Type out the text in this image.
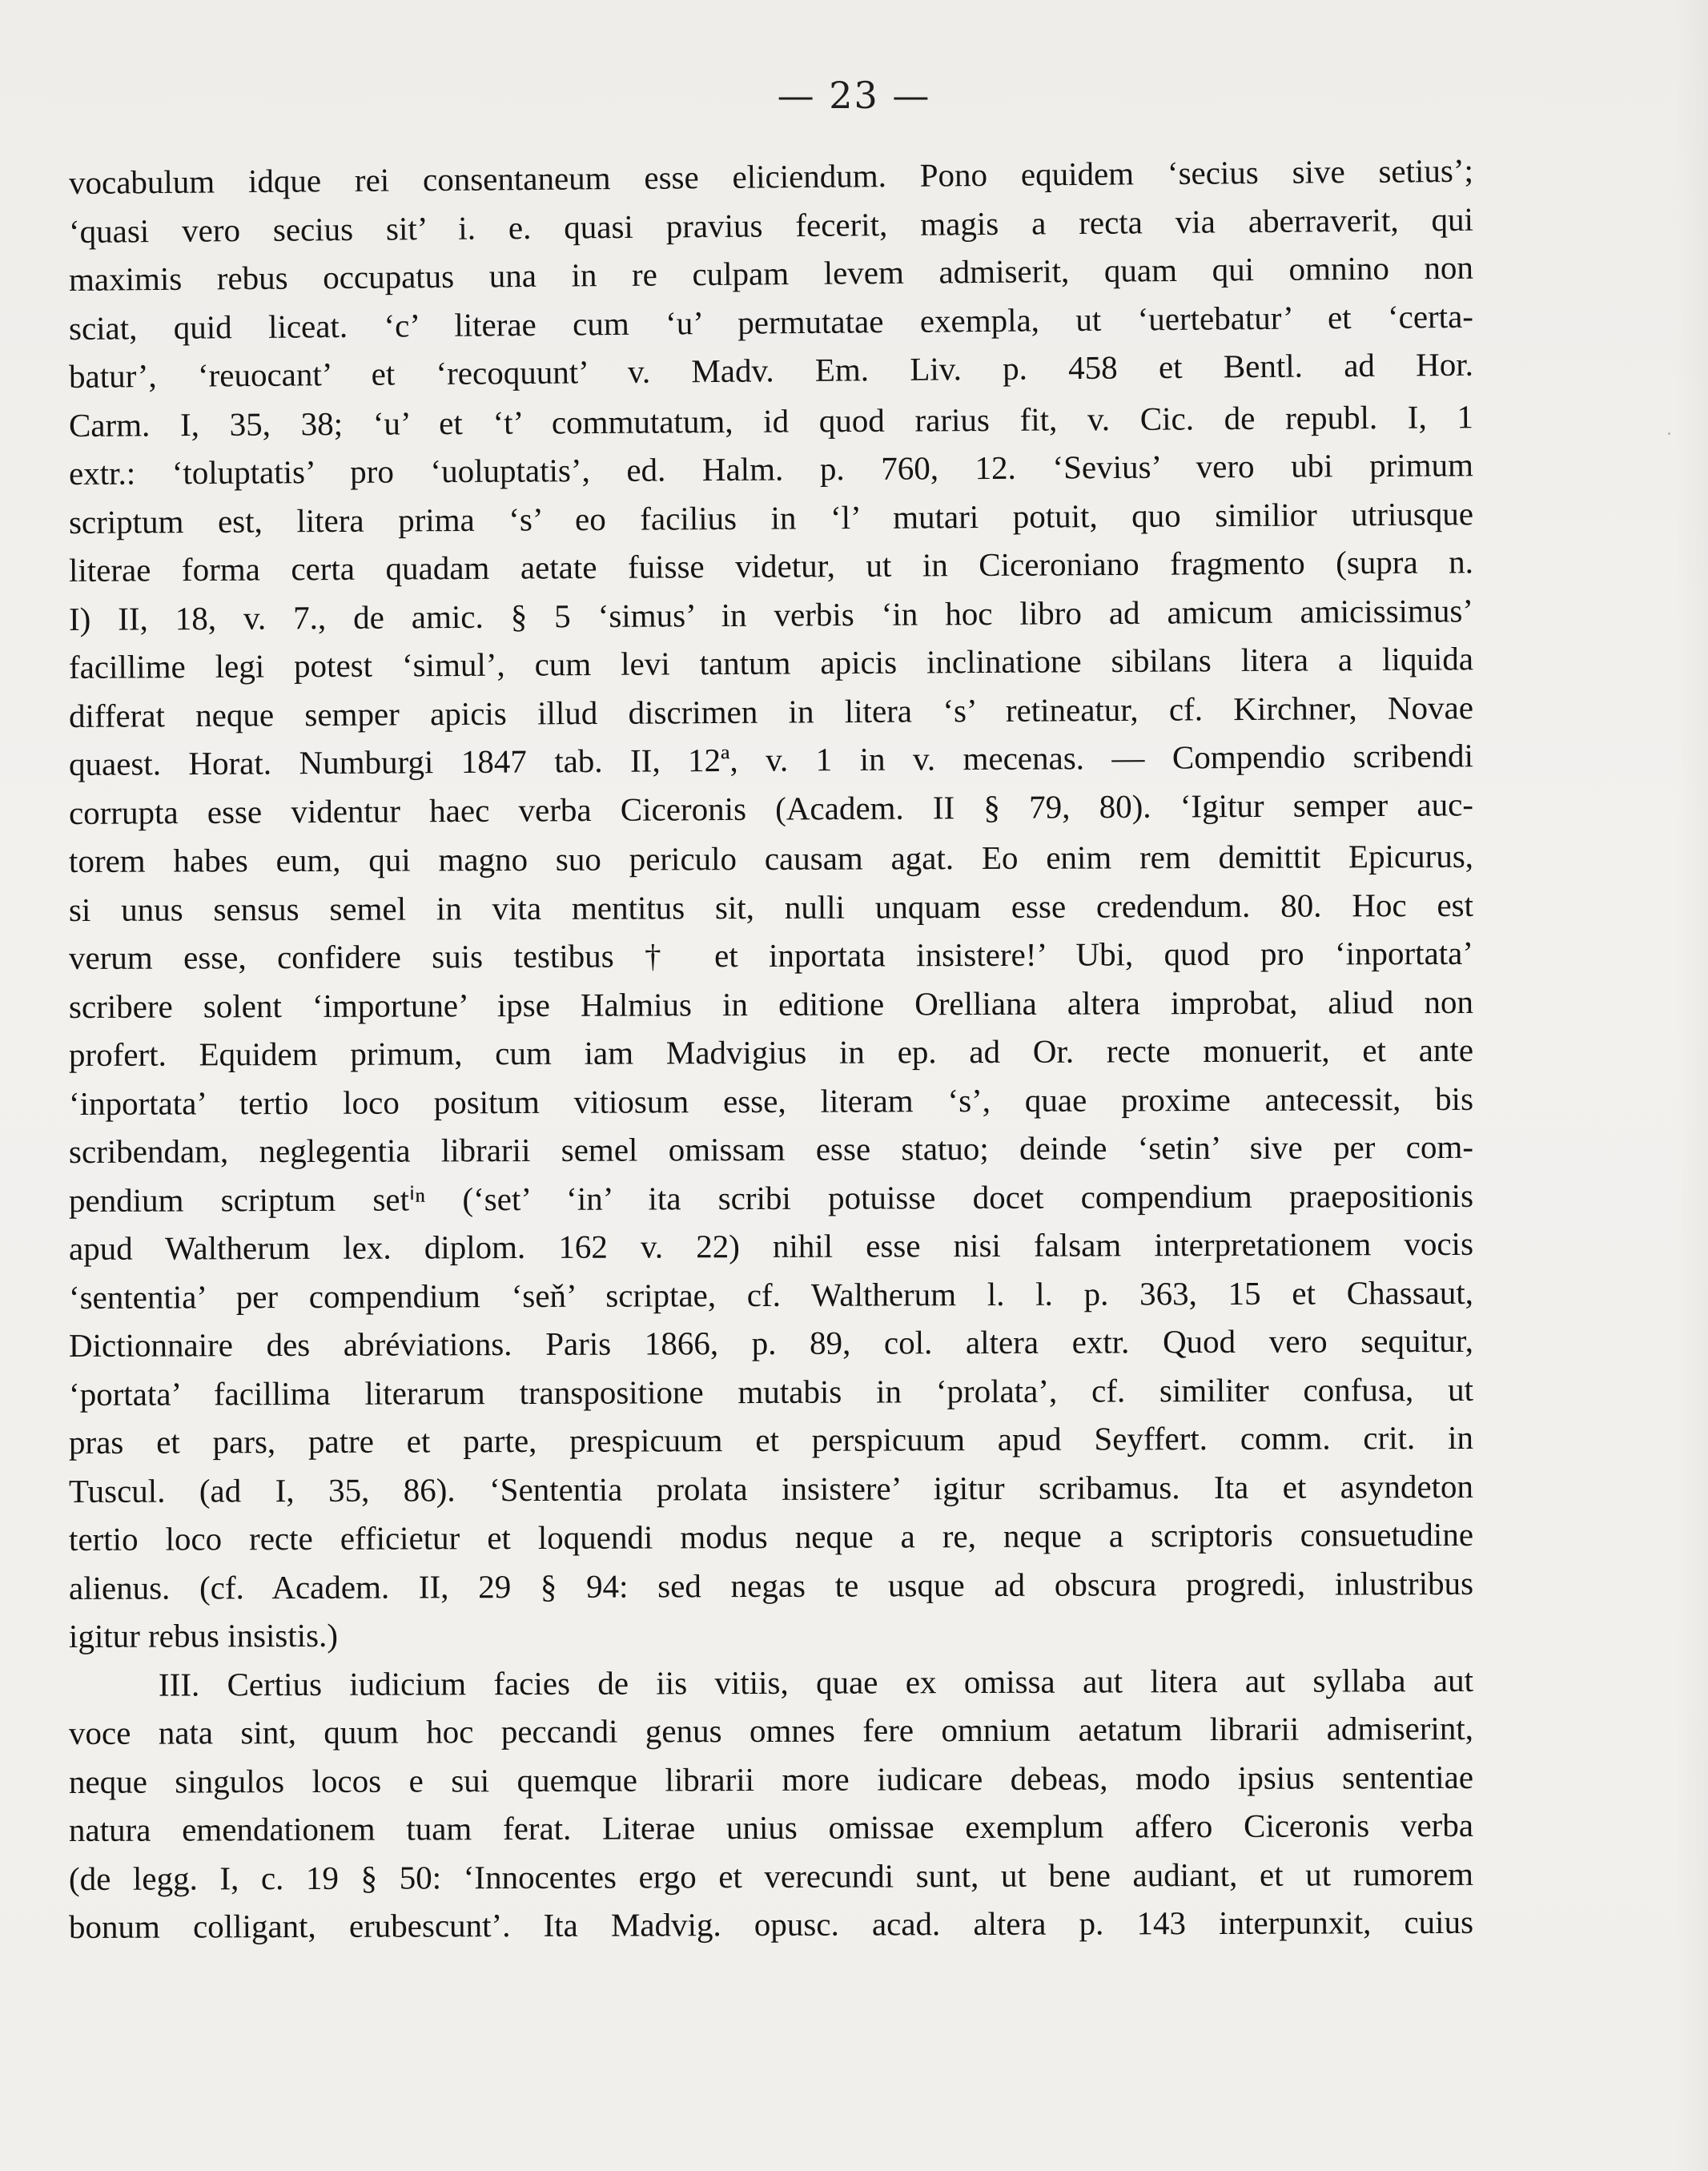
— 23 —
vocabulum idque rei consentaneum esse eliciendum. Pono equidem ‘secius sive setius’;
‘quasi vero secius sit’ i. e. quasi pravius fecerit, magis a recta via aberraverit, qui
maximis rebus occupatus una in re culpam levem admiserit, quam qui omnino non
sciat, quid liceat. ‘c’ literae cum ‘u’ permutatae exempla, ut ‘uertebatur’ et ‘certa-
batur’, ‘reuocant’ et ‘recoquunt’ v. Madv. Em. Liv. p. 458 et Bentl. ad Hor.
Carm. I, 35, 38; ‘u’ et ‘t’ commutatum, id quod rarius fit, v. Cic. de republ. I, 1
extr.: ‘toluptatis’ pro ‘uoluptatis’, ed. Halm. p. 760, 12. ‘Sevius’ vero ubi primum
scriptum est, litera prima ‘s’ eo facilius in ‘l’ mutari potuit, quo similior utriusque
literae forma certa quadam aetate fuisse videtur, ut in Ciceroniano fragmento (supra n.
I) II, 18, v. 7., de amic. § 5 ‘simus’ in verbis ‘in hoc libro ad amicum amicissimus’
facillime legi potest ‘simul’, cum levi tantum apicis inclinatione sibilans litera a liquida
differat neque semper apicis illud discrimen in litera ‘s’ retineatur, cf. Kirchner, Novae
quaest. Horat. Numburgi 1847 tab. II, 12ª, v. 1 in v. mecenas. — Compendio scribendi
corrupta esse videntur haec verba Ciceronis (Academ. II § 79, 80). ‘Igitur semper auc-
torem habes eum, qui magno suo periculo causam agat. Eo enim rem demittit Epicurus,
si unus sensus semel in vita mentitus sit, nulli unquam esse credendum. 80. Hoc est
verum esse, confidere suis testibus † et inportata insistere!’ Ubi, quod pro ‘inportata’
scribere solent ‘importune’ ipse Halmius in editione Orelliana altera improbat, aliud non
profert. Equidem primum, cum iam Madvigius in ep. ad Or. recte monuerit, et ante
‘inportata’ tertio loco positum vitiosum esse, literam ‘s’, quae proxime antecessit, bis
scribendam, neglegentia librarii semel omissam esse statuo; deinde ‘setin’ sive per com-
pendium scriptum setⁱⁿ (‘set’ ‘in’ ita scribi potuisse docet compendium praepositionis
apud Waltherum lex. diplom. 162 v. 22) nihil esse nisi falsam interpretationem vocis
‘sententia’ per compendium ‘seň’ scriptae, cf. Waltherum l. l. p. 363, 15 et Chassaut,
Dictionnaire des abréviations. Paris 1866, p. 89, col. altera extr. Quod vero sequitur,
‘portata’ facillima literarum transpositione mutabis in ‘prolata’, cf. similiter confusa, ut
pras et pars, patre et parte, prespicuum et perspicuum apud Seyffert. comm. crit. in
Tuscul. (ad I, 35, 86). ‘Sententia prolata insistere’ igitur scribamus. Ita et asyndeton
tertio loco recte efficietur et loquendi modus neque a re, neque a scriptoris consuetudine
alienus. (cf. Academ. II, 29 § 94: sed negas te usque ad obscura progredi, inlustribus
igitur rebus insistis.)
III. Certius iudicium facies de iis vitiis, quae ex omissa aut litera aut syllaba aut
voce nata sint, quum hoc peccandi genus omnes fere omnium aetatum librarii admiserint,
neque singulos locos e sui quemque librarii more iudicare debeas, modo ipsius sententiae
natura emendationem tuam ferat. Literae unius omissae exemplum affero Ciceronis verba
(de legg. I, c. 19 § 50: ‘Innocentes ergo et verecundi sunt, ut bene audiant, et ut rumorem
bonum colligant, erubescunt’. Ita Madvig. opusc. acad. altera p. 143 interpunxit, cuius
